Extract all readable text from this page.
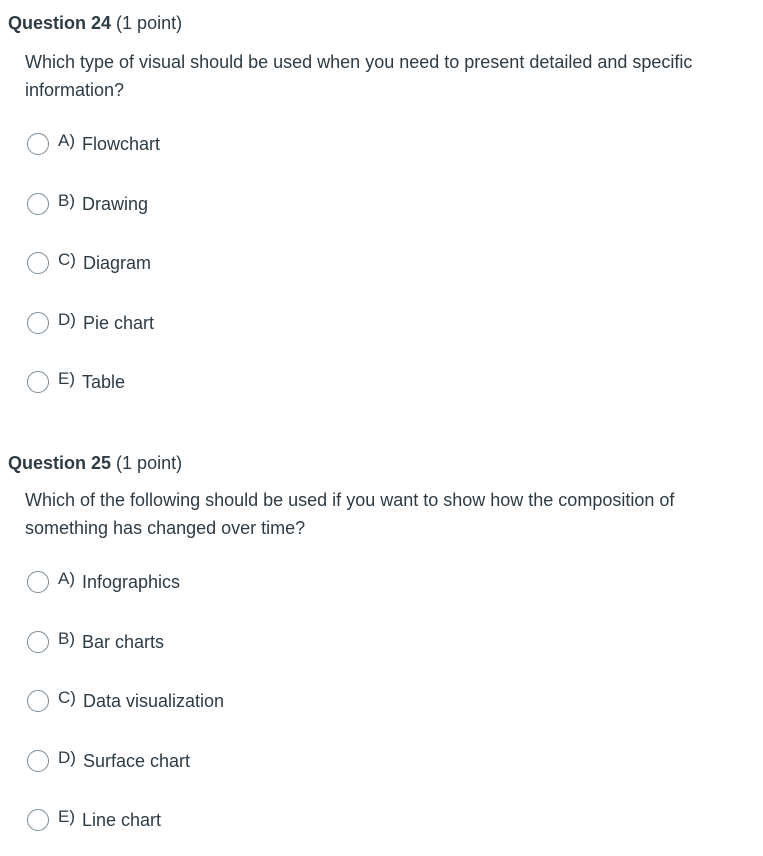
Question 24 (1 point)
Which type of visual should be used when you need to present detailed and specific information?
A) Flowchart
B) Drawing
C) Diagram
D) Pie chart
E) Table
Question 25 (1 point)
Which of the following should be used if you want to show how the composition of something has changed over time?
A) Infographics
B) Bar charts
C) Data visualization
D) Surface chart
E) Line chart
